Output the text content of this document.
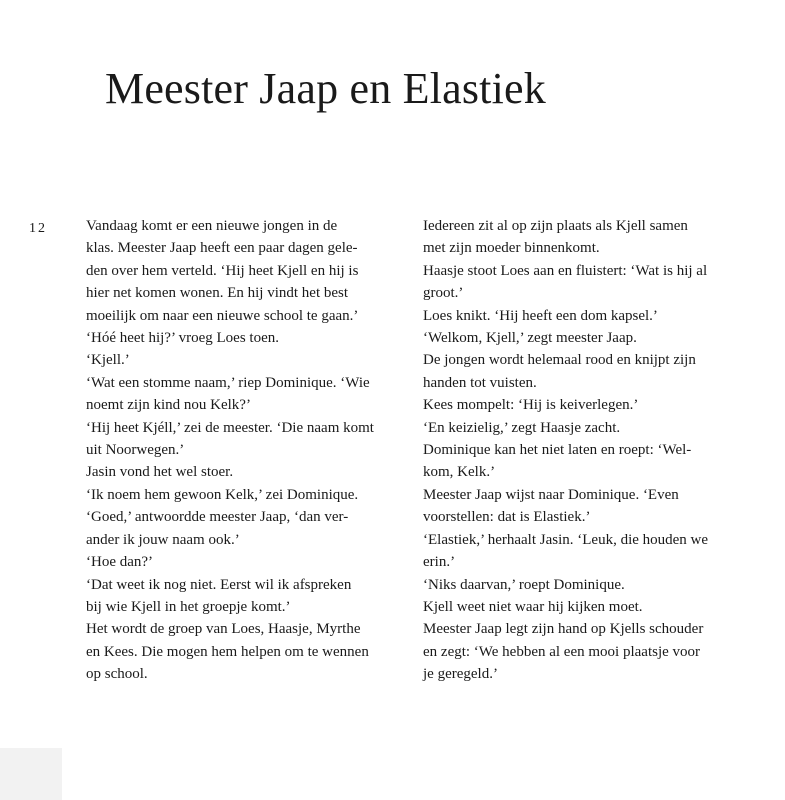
Meester Jaap en Elastiek
12	Vandaag komt er een nieuwe jongen in de
klas. Meester Jaap heeft een paar dagen gele-
den over hem verteld. ‘Hij heet Kjell en hij is
hier net komen wonen. En hij vindt het best
moeilijk om naar een nieuwe school te gaan.’
‘Hóé heet hij?’ vroeg Loes toen.
‘Kjell.’
‘Wat een stomme naam,’ riep Dominique. ‘Wie
noemt zijn kind nou Kelk?’
‘Hij heet Kjéll,’ zei de meester. ‘Die naam komt
uit Noorwegen.’
Jasin vond het wel stoer.
‘Ik noem hem gewoon Kelk,’ zei Dominique.
‘Goed,’ antwoordde meester Jaap, ‘dan ver-
ander ik jouw naam ook.’
‘Hoe dan?’
‘Dat weet ik nog niet. Eerst wil ik afspreken
bij wie Kjell in het groepje komt.’
Het wordt de groep van Loes, Haasje, Myrthe
en Kees. Die mogen hem helpen om te wennen
op school.
Iedereen zit al op zijn plaats als Kjell samen
met zijn moeder binnenkomt.
Haasje stoot Loes aan en fluistert: ‘Wat is hij al
groot.’
Loes knikt. ‘Hij heeft een dom kapsel.’
‘Welkom, Kjell,’ zegt meester Jaap.
De jongen wordt helemaal rood en knijpt zijn
handen tot vuisten.
Kees mompelt: ‘Hij is keiverlegen.’
‘En keizielig,’ zegt Haasje zacht.
Dominique kan het niet laten en roept: ‘Wel-
kom, Kelk.’
Meester Jaap wijst naar Dominique. ‘Even
voorstellen: dat is Elastiek.’
‘Elastiek,’ herhaalt Jasin. ‘Leuk, die houden we
erin.’
‘Niks daarvan,’ roept Dominique.
Kjell weet niet waar hij kijken moet.
Meester Jaap legt zijn hand op Kjells schouder
en zegt: ‘We hebben al een mooi plaatsje voor
je geregeld.’
